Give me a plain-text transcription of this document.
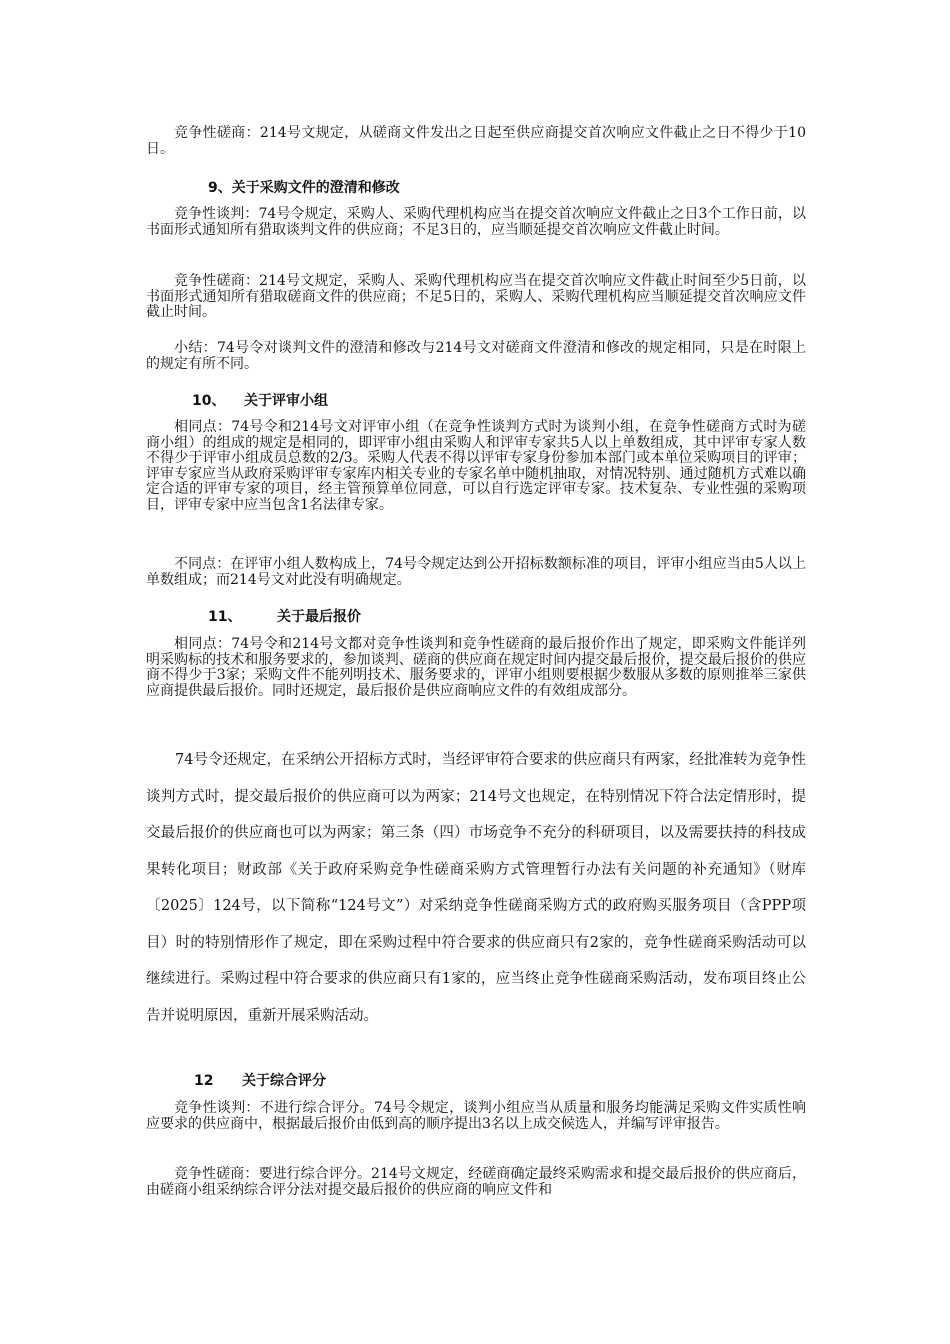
竞争性磋商：214号文规定，从磋商文件发出之日起至供应商提交首次响应文件截止之日不得少于10日。

9、关于采购文件的澄清和修改

竞争性谈判：74号令规定，采购人、采购代理机构应当在提交首次响应文件截止之日3个工作日前，以书面形式通知所有猎取谈判文件的供应商；不足3日的，应当顺延提交首次响应文件截止时间。

竞争性磋商：214号文规定，采购人、采购代理机构应当在提交首次响应文件截止时间至少5日前，以书面形式通知所有猎取磋商文件的供应商；不足5日的，采购人、采购代理机构应当顺延提交首次响应文件截止时间。

小结：74号令对谈判文件的澄清和修改与214号文对磋商文件澄清和修改的规定相同，只是在时限上的规定有所不同。

10、 关于评审小组

相同点：74号令和214号文对评审小组（在竞争性谈判方式时为谈判小组，在竞争性磋商方式时为磋商小组）的组成的规定是相同的，即评审小组由采购人和评审专家共5人以上单数组成，其中评审专家人数不得少于评审小组成员总数的2/3。采购人代表不得以评审专家身份参加本部门或本单位采购项目的评审；评审专家应当从政府采购评审专家库内相关专业的专家名单中随机抽取，对情况特别、通过随机方式难以确定合适的评审专家的项目，经主管预算单位同意，可以自行选定评审专家。技术复杂、专业性强的采购项目，评审专家中应当包含1名法律专家。

不同点：在评审小组人数构成上，74号令规定达到公开招标数额标准的项目，评审小组应当由5人以上单数组成；而214号文对此没有明确规定。

11、	关于最后报价

相同点：74号令和214号文都对竞争性谈判和竞争性磋商的最后报价作出了规定，即采购文件能详列明采购标的技术和服务要求的，参加谈判、磋商的供应商在规定时间内提交最后报价，提交最后报价的供应商不得少于3家；采购文件不能列明技术、服务要求的，评审小组则要根据少数服从多数的原则推举三家供应商提供最后报价。同时还规定，最后报价是供应商响应文件的有效组成部分。

74号令还规定，在采纳公开招标方式时，当经评审符合要求的供应商只有两家，经批准转为竞争性谈判方式时，提交最后报价的供应商可以为两家；214号文也规定，在特别情况下符合法定情形时，提交最后报价的供应商也可以为两家；第三条（四）市场竞争不充分的科研项目，以及需要扶持的科技成果转化项目；财政部《关于政府采购竞争性磋商采购方式管理暂行办法有关问题的补充通知》（财库〔2025〕124号，以下简称“124号文”）对采纳竞争性磋商采购方式的政府购买服务项目（含PPP项目）时的特别情形作了规定，即在采购过程中符合要求的供应商只有2家的，竞争性磋商采购活动可以继续进行。采购过程中符合要求的供应商只有1家的，应当终止竞争性磋商采购活动，发布项目终止公告并说明原因，重新开展采购活动。

12 关于综合评分

竞争性谈判：不进行综合评分。74号令规定，谈判小组应当从质量和服务均能满足采购文件实质性响应要求的供应商中，根据最后报价由低到高的顺序提出3名以上成交候选人，并编写评审报告。

竞争性磋商：要进行综合评分。214号文规定，经磋商确定最终采购需求和提交最后报价的供应商后，由磋商小组采纳综合评分法对提交最后报价的供应商的响应文件和
